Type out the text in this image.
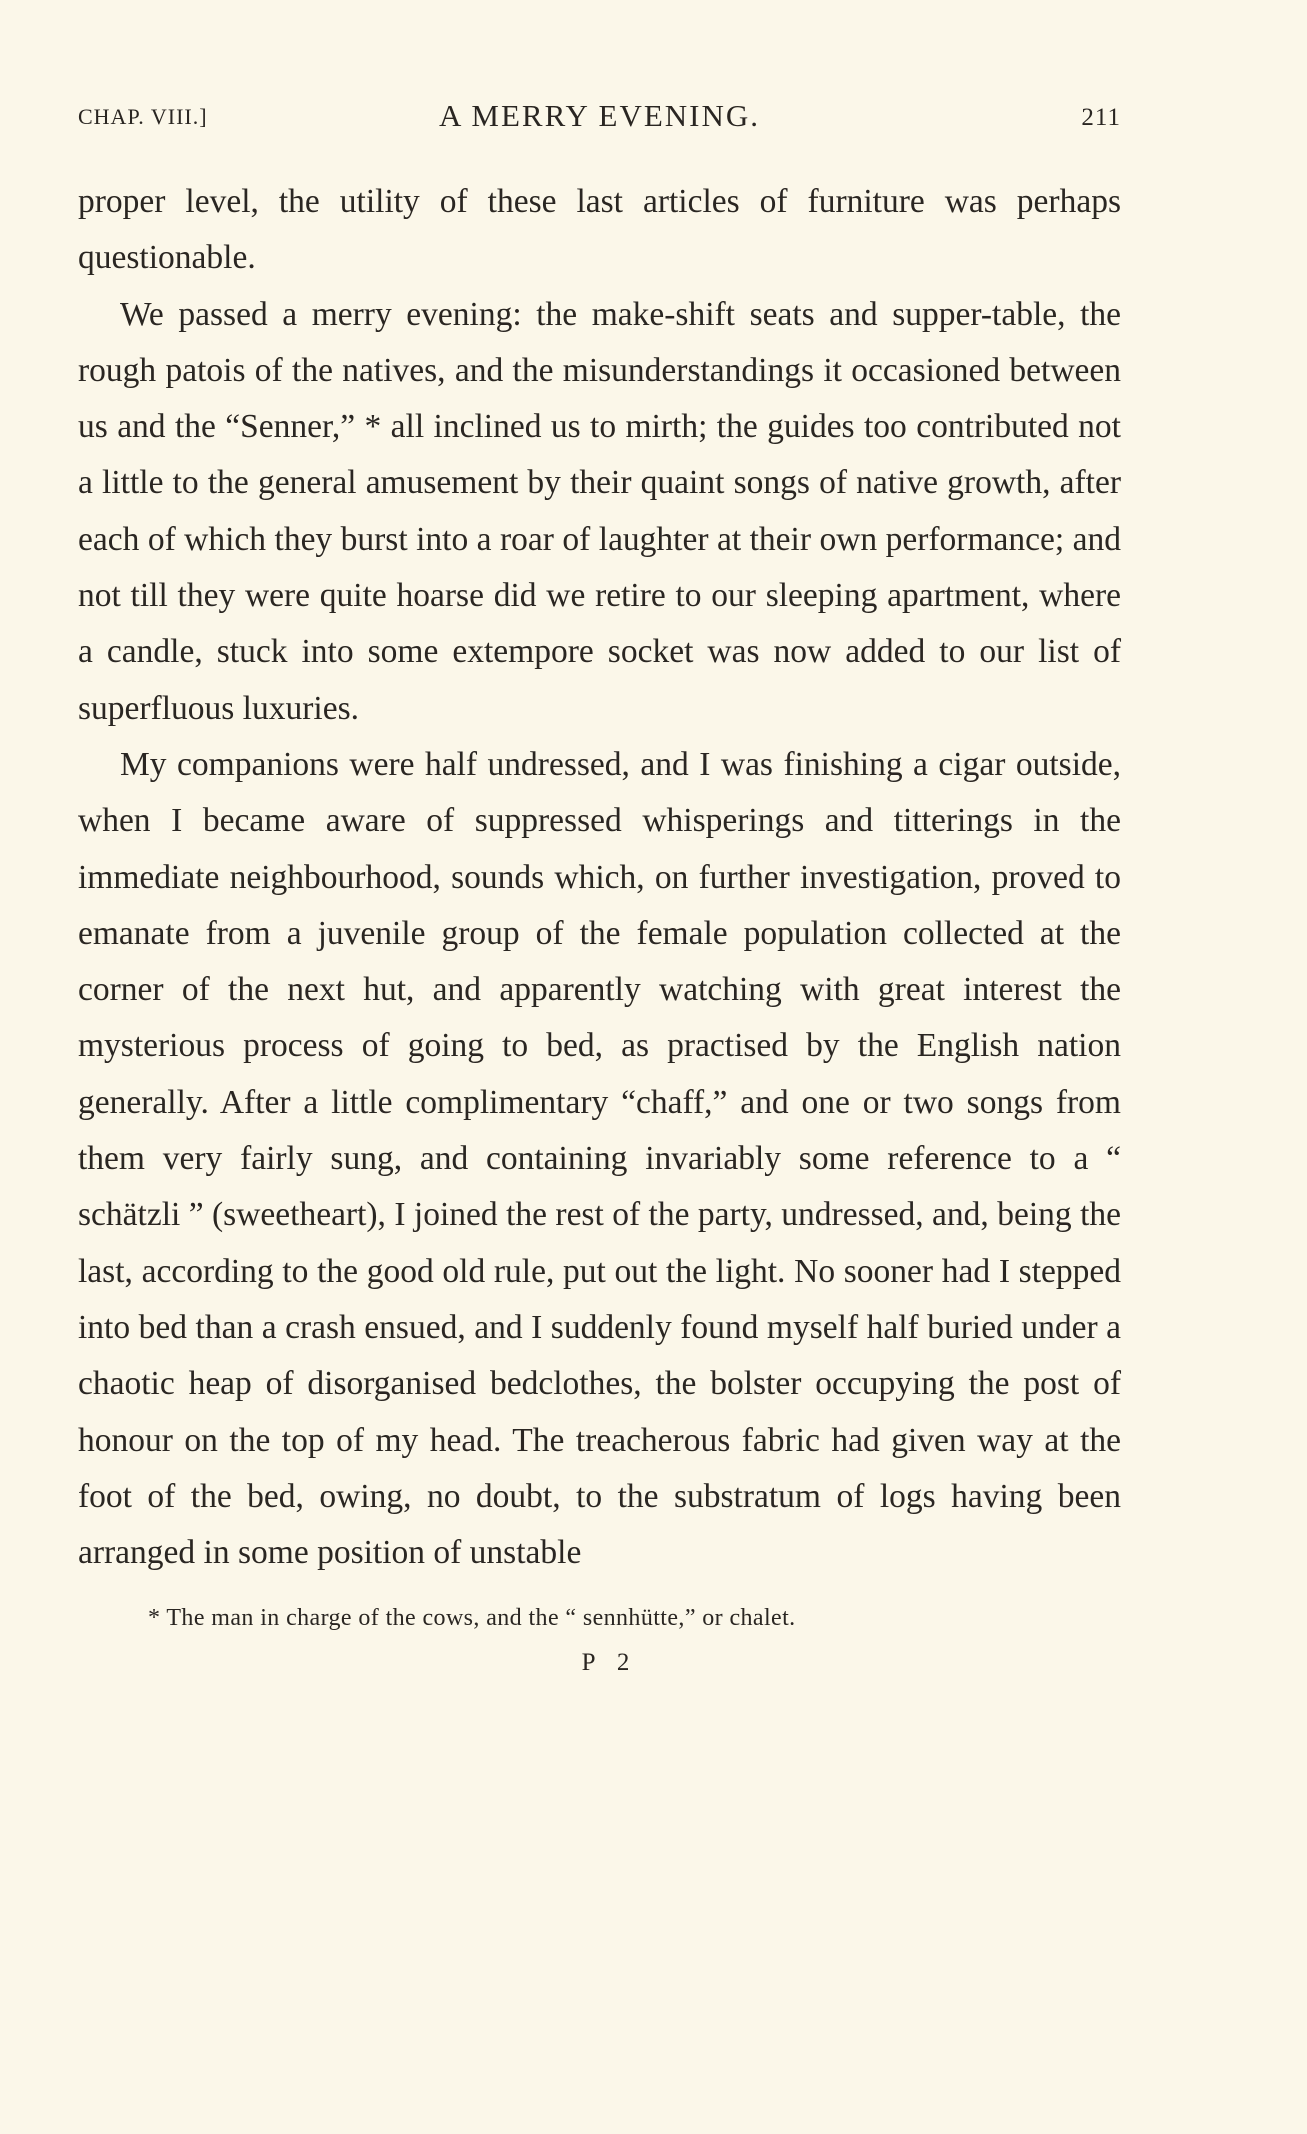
CHAP. VIII.]	A MERRY EVENING.	211

proper level, the utility of these last articles of furniture was perhaps questionable.

We passed a merry evening: the make-shift seats and supper-table, the rough patois of the natives, and the misunderstandings it occasioned between us and the “Senner,” * all inclined us to mirth; the guides too contributed not a little to the general amusement by their quaint songs of native growth, after each of which they burst into a roar of laughter at their own performance; and not till they were quite hoarse did we retire to our sleeping apartment, where a candle, stuck into some extempore socket was now added to our list of superfluous luxuries.

My companions were half undressed, and I was finishing a cigar outside, when I became aware of suppressed whisperings and titterings in the immediate neighbourhood, sounds which, on further investigation, proved to emanate from a juvenile group of the female population collected at the corner of the next hut, and apparently watching with great interest the mysterious process of going to bed, as practised by the English nation generally. After a little complimentary “chaff,” and one or two songs from them very fairly sung, and containing invariably some reference to a “ schätzli ” (sweetheart), I joined the rest of the party, undressed, and, being the last, according to the good old rule, put out the light. No sooner had I stepped into bed than a crash ensued, and I suddenly found myself half buried under a chaotic heap of disorganised bedclothes, the bolster occupying the post of honour on the top of my head. The treacherous fabric had given way at the foot of the bed, owing, no doubt, to the substratum of logs having been arranged in some position of unstable

* The man in charge of the cows, and the “ sennhütte,” or chalet.
P 2
